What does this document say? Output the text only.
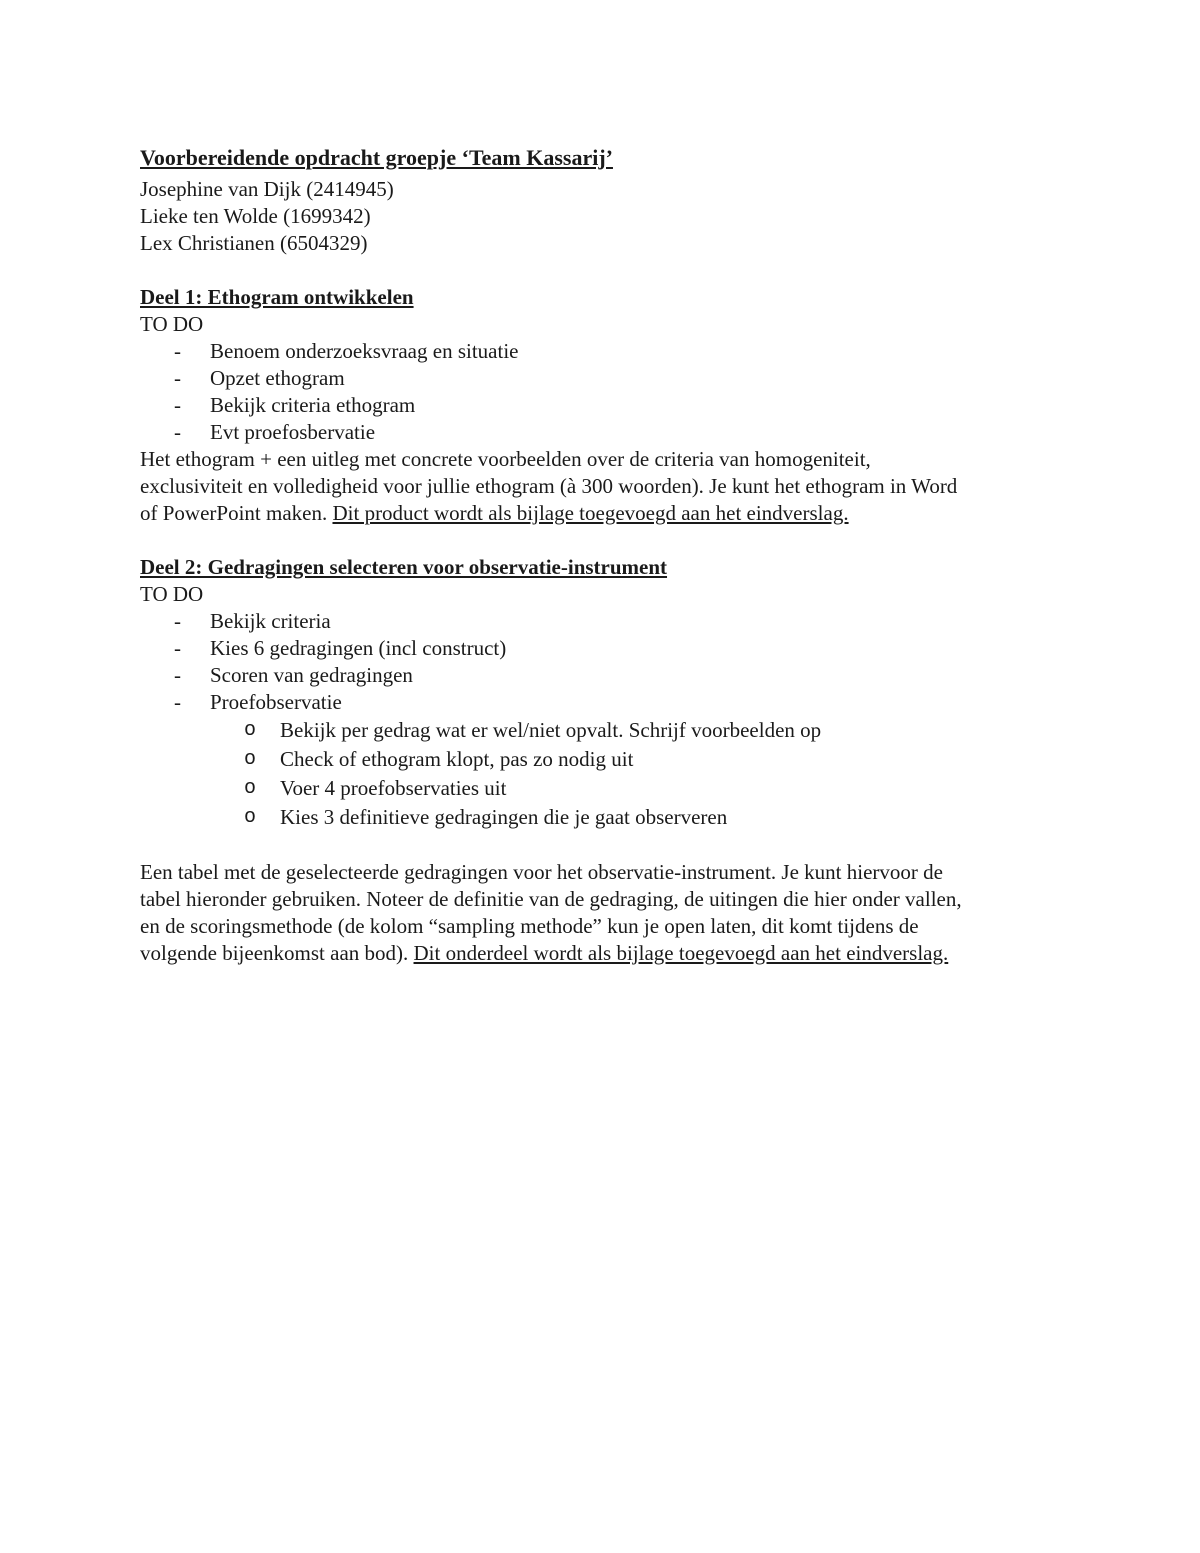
Voorbereidende opdracht groepje ‘Team Kassarij’
Josephine van Dijk (2414945)
Lieke ten Wolde (1699342)
Lex Christianen (6504329)
Deel 1: Ethogram ontwikkelen
TO DO
- Benoem onderzoeksvraag en situatie
- Opzet ethogram
- Bekijk criteria ethogram
- Evt proefosbervatie
Het ethogram + een uitleg met concrete voorbeelden over de criteria van homogeniteit,
exclusiviteit en volledigheid voor jullie ethogram (à 300 woorden). Je kunt het ethogram in Word
of PowerPoint maken. Dit product wordt als bijlage toegevoegd aan het eindverslag.
Deel 2: Gedragingen selecteren voor observatie-instrument
TO DO
- Bekijk criteria
- Kies 6 gedragingen (incl construct)
- Scoren van gedragingen
- Proefobservatie
o Bekijk per gedrag wat er wel/niet opvalt. Schrijf voorbeelden op
o Check of ethogram klopt, pas zo nodig uit
o Voer 4 proefobservaties uit
o Kies 3 definitieve gedragingen die je gaat observeren
Een tabel met de geselecteerde gedragingen voor het observatie-instrument. Je kunt hiervoor de
tabel hieronder gebruiken. Noteer de definitie van de gedraging, de uitingen die hier onder vallen,
en de scoringsmethode (de kolom “sampling methode” kun je open laten, dit komt tijdens de
volgende bijeenkomst aan bod). Dit onderdeel wordt als bijlage toegevoegd aan het eindverslag.
